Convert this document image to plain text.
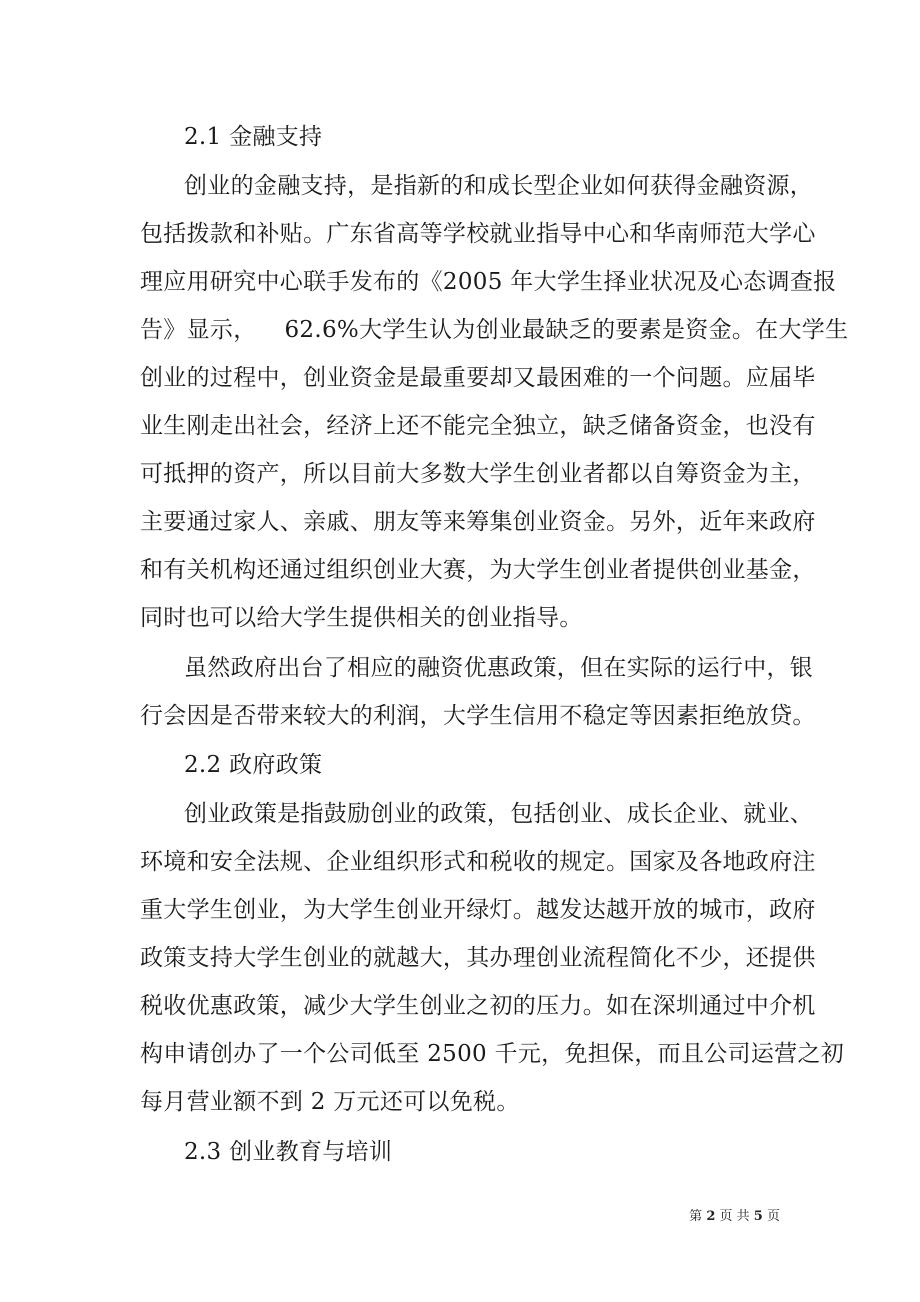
2.1 金融支持
创业的金融支持，是指新的和成长型企业如何获得金融资源，
包括拨款和补贴。广东省高等学校就业指导中心和华南师范大学心
理应用研究中心联手发布的《2005 年大学生择业状况及心态调查报
告》显示， 62.6%大学生认为创业最缺乏的要素是资金。在大学生
创业的过程中，创业资金是最重要却又最困难的一个问题。应届毕
业生刚走出社会，经济上还不能完全独立，缺乏储备资金，也没有
可抵押的资产，所以目前大多数大学生创业者都以自筹资金为主，
主要通过家人、亲戚、朋友等来筹集创业资金。另外，近年来政府
和有关机构还通过组织创业大赛，为大学生创业者提供创业基金，
同时也可以给大学生提供相关的创业指导。
虽然政府出台了相应的融资优惠政策，但在实际的运行中，银
行会因是否带来较大的利润，大学生信用不稳定等因素拒绝放贷。
2.2 政府政策
创业政策是指鼓励创业的政策，包括创业、成长企业、就业、
环境和安全法规、企业组织形式和税收的规定。国家及各地政府注
重大学生创业，为大学生创业开绿灯。越发达越开放的城市，政府
政策支持大学生创业的就越大，其办理创业流程简化不少，还提供
税收优惠政策，减少大学生创业之初的压力。如在深圳通过中介机
构申请创办了一个公司低至 2500 千元，免担保，而且公司运营之初
每月营业额不到 2 万元还可以免税。
2.3 创业教育与培训
第 2 页 共 5 页
